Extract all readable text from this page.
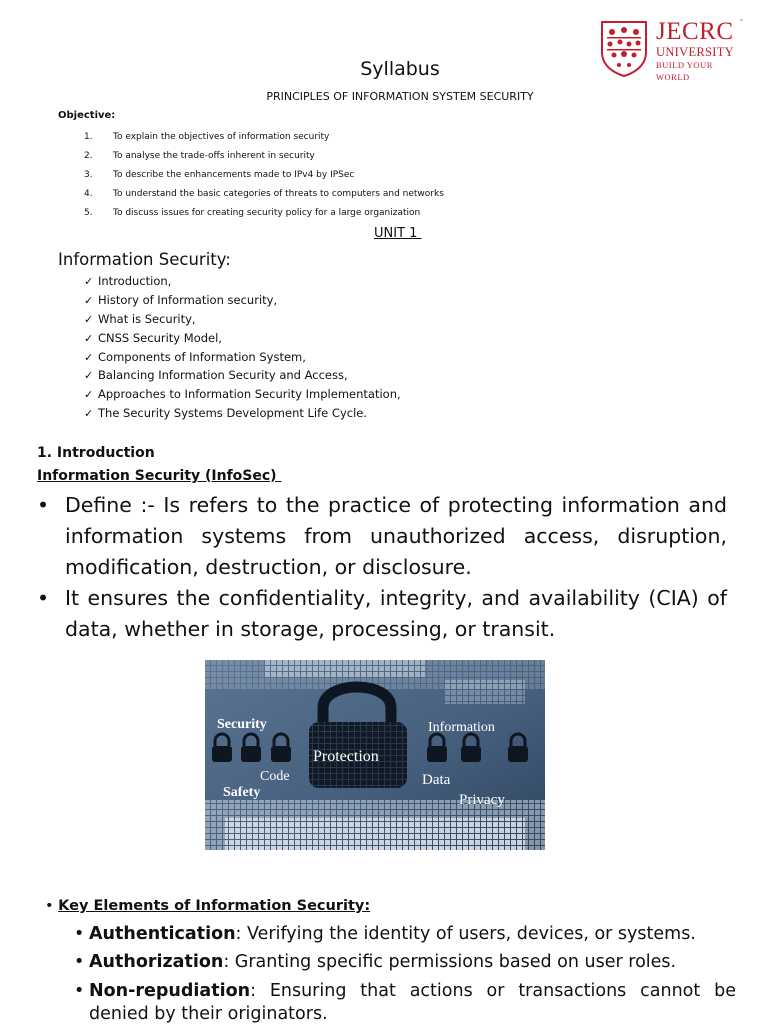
JECRC
UNIVERSITY
BUILD YOUR WORLD
™
Syllabus
PRINCIPLES OF INFORMATION SYSTEM SECURITY
Objective:
1.	To explain the objectives of information security
2.	To analyse the trade-offs inherent in security
3.	To describe the enhancements made to IPv4 by IPSec
4.	To understand the basic categories of threats to computers and networks
5.	To discuss issues for creating security policy for a large organization
UNIT 1
Information Security:
✓ Introduction,
✓ History of Information security,
✓ What is Security,
✓ CNSS Security Model,
✓ Components of Information System,
✓ Balancing Information Security and Access,
✓ Approaches to Information Security Implementation,
✓ The Security Systems Development Life Cycle.
1. Introduction
Information Security (InfoSec)
• Define :- Is refers to the practice of protecting information and information systems from unauthorized access, disruption, modification, destruction, or disclosure.
• It ensures the confidentiality, integrity, and availability (CIA) of data, whether in storage, processing, or transit.
Security	Information
Protection
Code	Data
Safety	Privacy
• Key Elements of Information Security:
• Authentication: Verifying the identity of users, devices, or systems.
• Authorization: Granting specific permissions based on user roles.
• Non-repudiation: Ensuring that actions or transactions cannot be denied by their originators.
